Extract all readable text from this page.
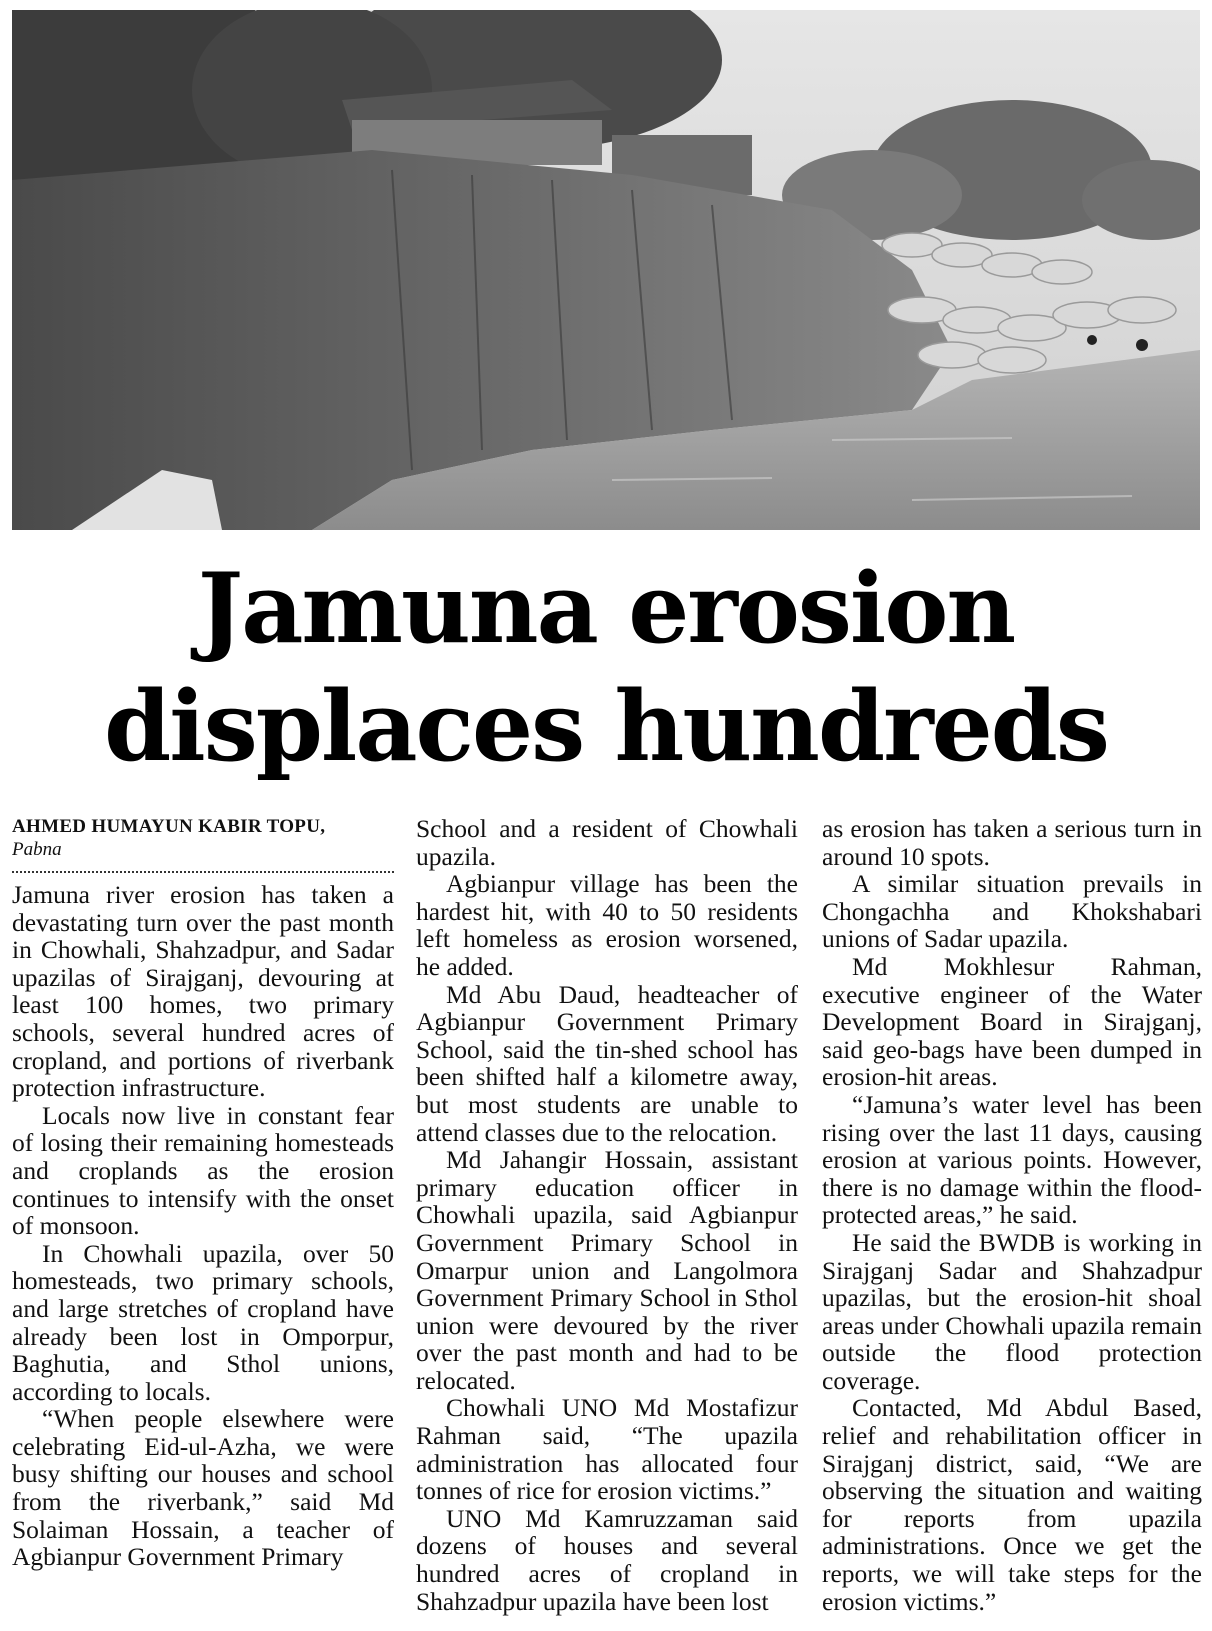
Jamuna erosion
displaces hundreds
AHMED HUMAYUN KABIR TOPU,
Pabna

Jamuna river erosion has taken a devastating turn over the past month in Chowhali, Shahzadpur, and Sadar upazilas of Sirajganj, devouring at least 100 homes, two primary schools, several hundred acres of cropland, and portions of riverbank protection infrastructure.

Locals now live in constant fear of losing their remaining homesteads and croplands as the erosion continues to intensify with the onset of monsoon.

In Chowhali upazila, over 50 homesteads, two primary schools, and large stretches of cropland have already been lost in Omporpur, Baghutia, and Sthol unions, according to locals.

“When people elsewhere were celebrating Eid-ul-Azha, we were busy shifting our houses and school from the riverbank,” said Md Solaiman Hossain, a teacher of Agbianpur Government Primary

School and a resident of Chowhali upazila.

Agbianpur village has been the hardest hit, with 40 to 50 residents left homeless as erosion worsened, he added.

Md Abu Daud, headteacher of Agbianpur Government Primary School, said the tin-shed school has been shifted half a kilometre away, but most students are unable to attend classes due to the relocation.

Md Jahangir Hossain, assistant primary education officer in Chowhali upazila, said Agbianpur Government Primary School in Omarpur union and Langolmora Government Primary School in Sthol union were devoured by the river over the past month and had to be relocated.

Chowhali UNO Md Mostafizur Rahman said, “The upazila administration has allocated four tonnes of rice for erosion victims.”

UNO Md Kamruzzaman said dozens of houses and several hundred acres of cropland in Shahzadpur upazila have been lost

as erosion has taken a serious turn in around 10 spots.

A similar situation prevails in Chongachha and Khokshabari unions of Sadar upazila.

Md Mokhlesur Rahman, executive engineer of the Water Development Board in Sirajganj, said geo-bags have been dumped in erosion-hit areas.

“Jamuna’s water level has been rising over the last 11 days, causing erosion at various points. However, there is no damage within the flood-protected areas,” he said.

He said the BWDB is working in Sirajganj Sadar and Shahzadpur upazilas, but the erosion-hit shoal areas under Chowhali upazila remain outside the flood protection coverage.

Contacted, Md Abdul Based, relief and rehabilitation officer in Sirajganj district, said, “We are observing the situation and waiting for reports from upazila administrations. Once we get the reports, we will take steps for the erosion victims.”
